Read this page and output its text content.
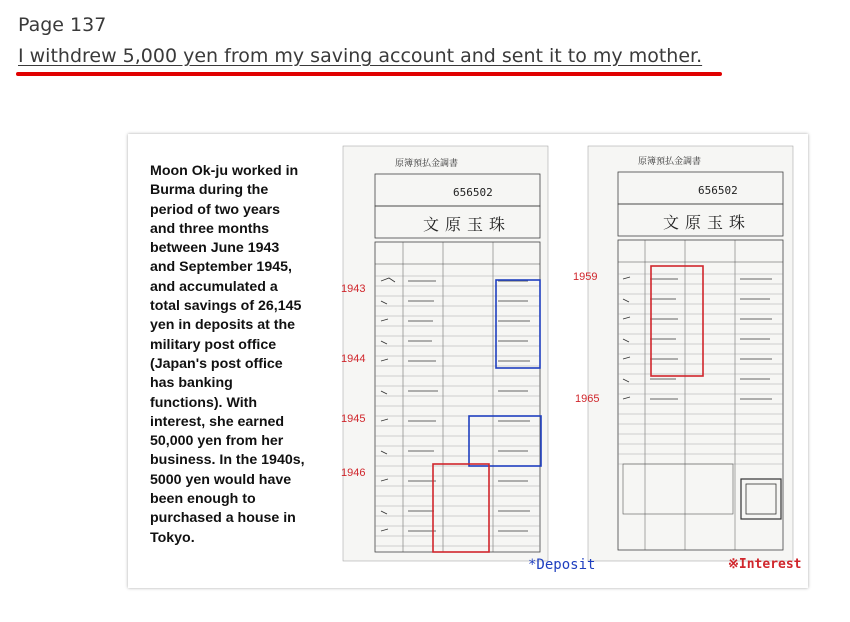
Page 137
I withdrew 5,000 yen from my saving account and sent it to my mother.
Moon Ok-ju worked in
Burma during the
period of two years
and three months
between June 1943
and September 1945,
and accumulated a
total savings of 26,145
yen in deposits at the
military post office
(Japan's post office
has banking
functions). With
interest, she earned
50,000 yen from her
business. In the 1940s,
5000 yen would have
been enough to
purchased a house in
Tokyo.
原簿預払金調書
656502
文原玉珠
1943
1944
1945
1946
原簿預払金調書
656502
文原玉珠
1959
1965
*Deposit	※Interest
